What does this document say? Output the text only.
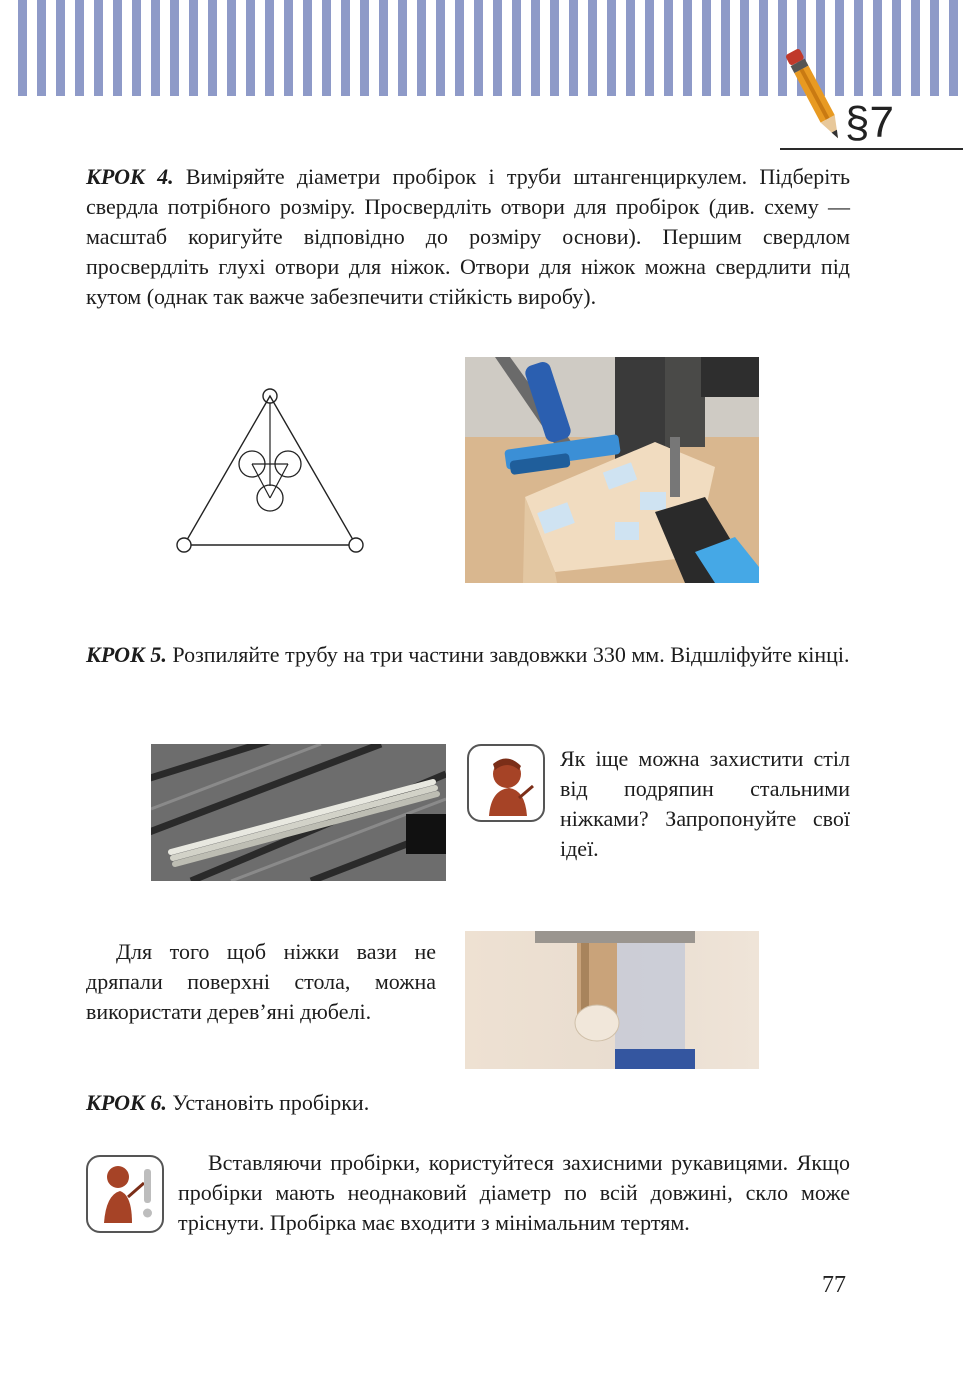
§7

КРОК 4. Виміряйте діаметри пробірок і труби штангенциркулем. Підберіть свердла потрібного розміру. Просвердліть отвори для пробірок (див. схему — масштаб коригуйте відповідно до розміру основи). Першим свердлом просвердліть глухі отвори для ніжок. Отвори для ніжок можна свердлити під кутом (однак так важче забезпечити стійкість виробу).

КРОК 5. Розпиляйте трубу на три частини завдовжки 330 мм. Відшліфуйте кінці.

Як іще можна захистити стіл від подряпин стальними ніжками? Запропонуйте свої ідеї.

Для того щоб ніжки вази не дряпали поверхні стола, можна використати дерев’яні дюбелі.

КРОК 6. Установіть пробірки.

Вставляючи пробірки, користуйтеся захисними рукавицями. Якщо пробірки мають неоднаковий діаметр по всій довжині, скло може тріснути. Пробірка має входити з мінімальним тертям.

77
